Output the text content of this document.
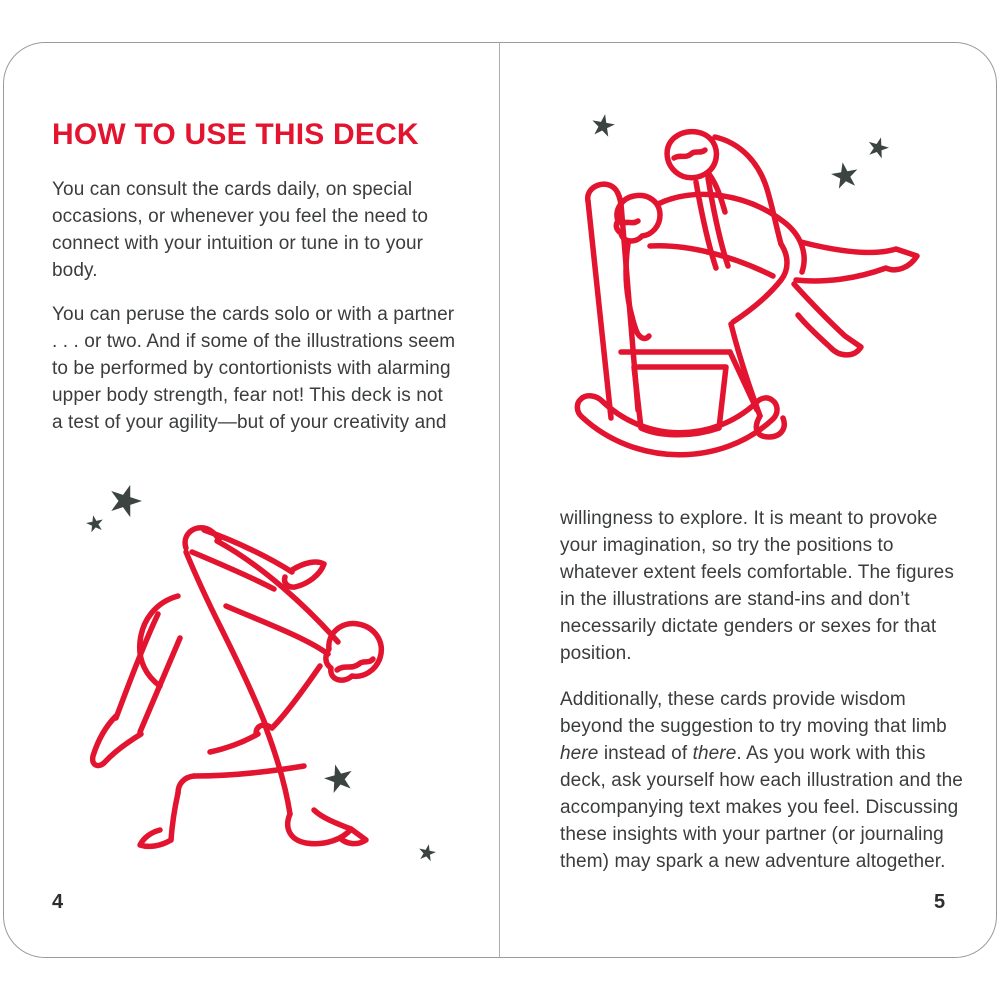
HOW TO USE THIS DECK
You can consult the cards daily, on special occasions, or whenever you feel the need to connect with your intuition or tune in to your body.
You can peruse the cards solo or with a partner . . . or two. And if some of the illustrations seem to be performed by contortionists with alarming upper body strength, fear not! This deck is not a test of your agility—but of your creativity and
4
willingness to explore. It is meant to provoke your imagination, so try the positions to whatever extent feels comfortable. The figures in the illustrations are stand-ins and don’t necessarily dictate genders or sexes for that position.
Additionally, these cards provide wisdom beyond the suggestion to try moving that limb here instead of there. As you work with this deck, ask yourself how each illustration and the accompanying text makes you feel. Discussing these insights with your partner (or journaling them) may spark a new adventure altogether.
5
